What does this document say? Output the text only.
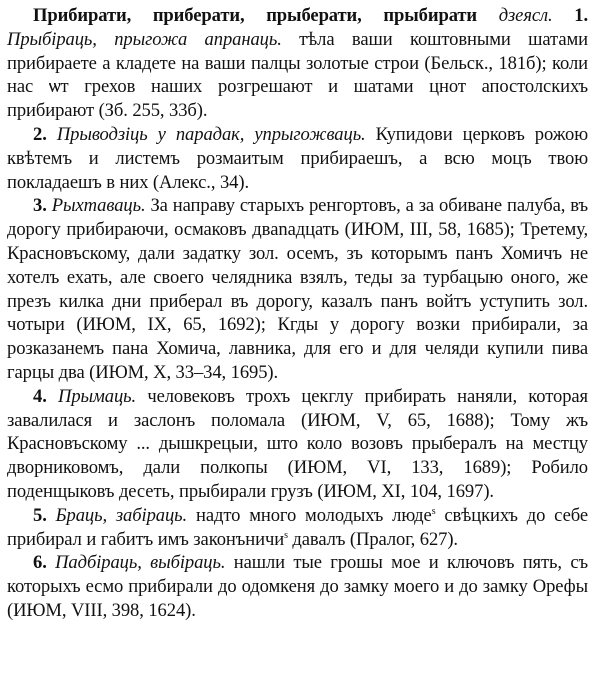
Прибирати, приберати, прыберати, прыбирати дзеясл. 1. Прыбіраць, прыгожа апранаць. тѣла ваши коштовными шатами прибираете а кладете на ваши палцы золотые строи (Бельск., 181б); коли нас ѡт грехов наших розгрешают и шатами цнот апостолскихъ прибирают (Зб. 255, 33б).

2. Прыводзіць у парадак, упрыгожваць. Купидови церковъ рожою квѣтемъ и листемъ розмаитым прибираешъ, а всю моцъ твою покладаешъ в них (Алекс., 34).

3. Рыхтаваць. За направу старыхъ ренгортовъ, а за обиване палуба, въ дорогу прибираючи, осмаковъ двanaдцать (ИЮМ, III, 58, 1685); Третему, Красновъскому, дали задатку зол. осемъ, зъ которымъ панъ Хомичъ не хотелъ ехать, але своего челядника взялъ, теды за турбацыю оного, же презъ килка дни приберал въ дорогу, казалъ панъ войтъ уступить зол. чотыри (ИЮМ, IX, 65, 1692); Кгды у дорогу возки прибирали, за розказанемъ пана Хомича, лавника, для его и для челяди купили пива гарцы два (ИЮМ, X, 33–34, 1695).

4. Прымаць. человековъ трохъ цекглу прибирать наняли, которая завалилася и заслонъ поломала (ИЮМ, V, 65, 1688); Тому жъ Красновъскому ... дышкрецыи, што коло возовъ прыбералъ на местцу дворниковомъ, дали полкопы (ИЮМ, VI, 133, 1689); Робило поденщыковъ десеть, прыбирали грузъ (ИЮМ, XI, 104, 1697).

5. Браць, забіраць. надто много молодыхъ люде$^s$ свѣцкихъ до себе прибирал и габитъ имъ законъничи$^s$ давалъ (Пралог, 627).

6. Падбіраць, выбіраць. нашли тые грошы мое и ключовъ пять, съ которыхъ есмо прибирали до одомкеня до замку моего и до замку Орефы (ИЮМ, VIII, 398, 1624).
